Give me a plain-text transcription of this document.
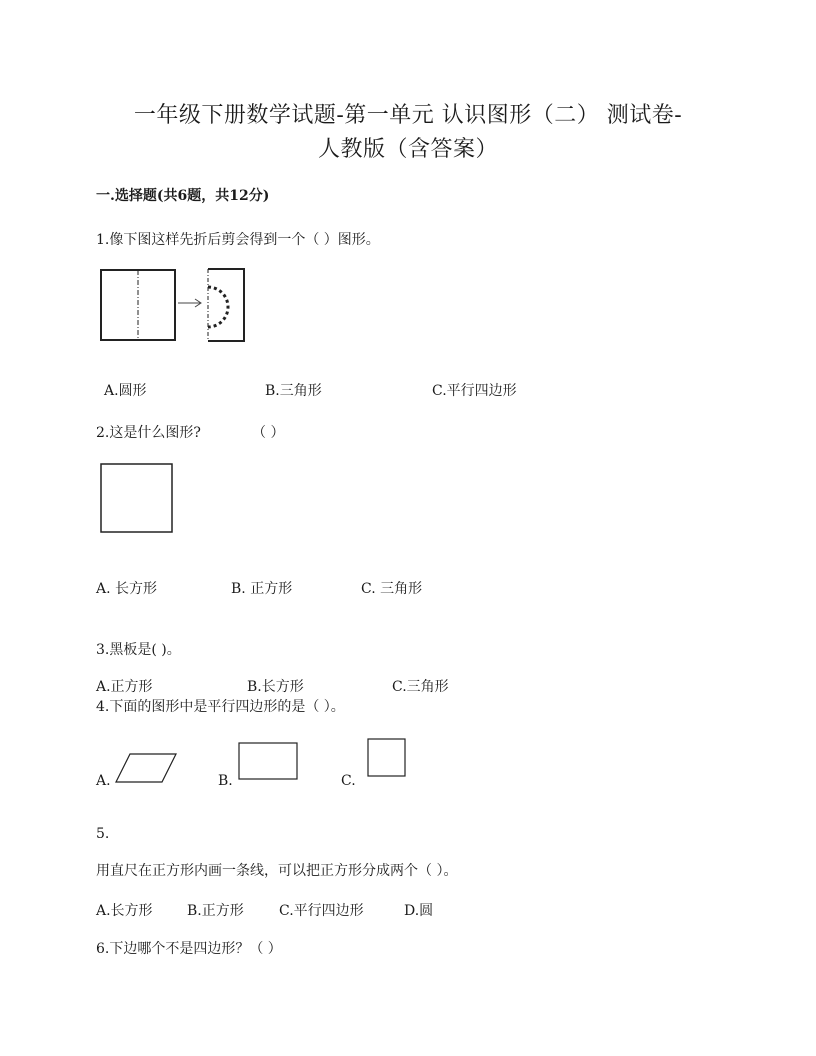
一年级下册数学试题-第一单元 认识图形（二） 测试卷-
人教版（含答案）
一.选择题(共6题，共12分)
1.像下图这样先折后剪会得到一个（ ）图形。
A.圆形	B.三角形	C.平行四边形
2.这是什么图形?	（ ）
A. 长方形	B. 正方形	C. 三角形
3.黑板是( )。
A.正方形	B.长方形	C.三角形
4.下面的图形中是平行四边形的是（ ）。
A.	B.	C.
5.
用直尺在正方形内画一条线，可以把正方形分成两个（ ）。
A.长方形 B.正方形	C.平行四边形	D.圆
6.下边哪个不是四边形？（ ）
